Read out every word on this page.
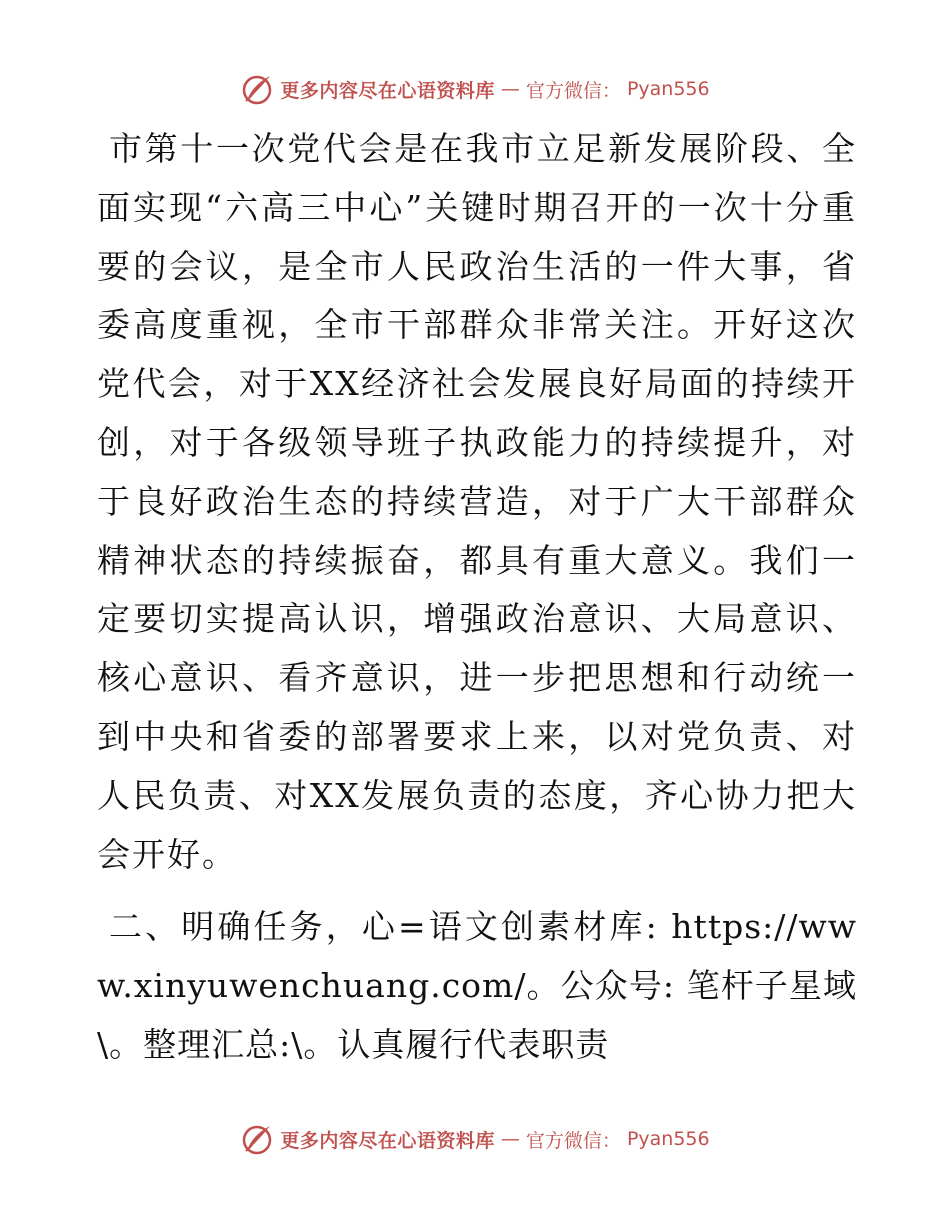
更多内容尽在心语资料库 — 官方微信： Pyan556

市第十一次党代会是在我市立足新发展阶段、全面实现“六高三中心”关键时期召开的一次十分重要的会议，是全市人民政治生活的一件大事，省委高度重视，全市干部群众非常关注。开好这次党代会，对于XX经济社会发展良好局面的持续开创，对于各级领导班子执政能力的持续提升，对于良好政治生态的持续营造，对于广大干部群众精神状态的持续振奋，都具有重大意义。我们一定要切实提高认识，增强政治意识、大局意识、核心意识、看齐意识，进一步把思想和行动统一到中央和省委的部署要求上来，以对党负责、对人民负责、对XX发展负责的态度，齐心协力把大会开好。

二、明确任务，心=语文创素材库: https://www.xinyuwenchuang.com/。公众号: 笔杆子星域\。整理汇总:\。认真履行代表职责

更多内容尽在心语资料库 — 官方微信： Pyan556
